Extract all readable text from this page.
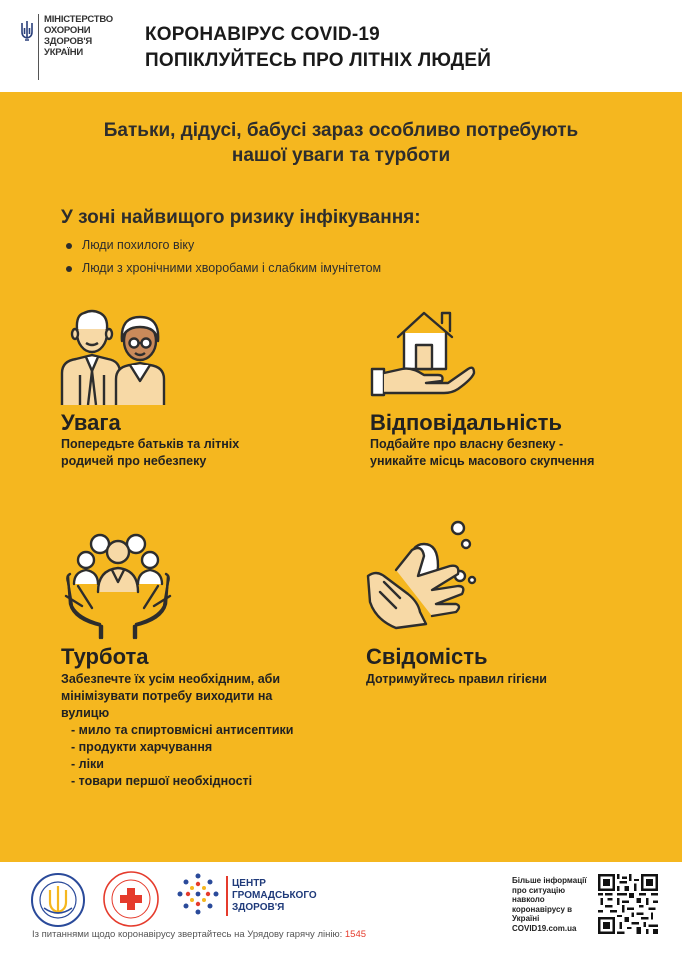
МІНІСТЕРСТВО
ОХОРОНИ
ЗДОРОВ'Я
УКРАЇНИ
КОРОНАВІРУС COVID-19
ПОПІКЛУЙТЕСЬ ПРО ЛІТНІХ ЛЮДЕЙ
Батьки, дідусі, бабусі зараз особливо потребують
нашої уваги та турботи
У зоні найвищого ризику інфікування:
Люди похилого віку
Люди з хронічними хворобами і слабким імунітетом
Увага
Попередьте батьків та літніх
родичей про небезпеку
Відповідальність
Подбайте про власну безпеку -
уникайте місць масового скупчення
Турбота
Забезпечте їх усім необхідним, аби
мінімізувати потребу виходити на
вулицю
- мило та спиртовмісні антисептики
- продукти харчування
- ліки
- товари першої необхідності
Свідомість
Дотримуйтесь правил гігієни
ЦЕНТР
ГРОМАДСЬКОГО
ЗДОРОВ'Я
Із питаннями щодо коронавірусу звертайтесь на Урядову гарячу лінію: 1545
Більше інформації про ситуацію навколо коронавірусу в Україні COVID19.com.ua
